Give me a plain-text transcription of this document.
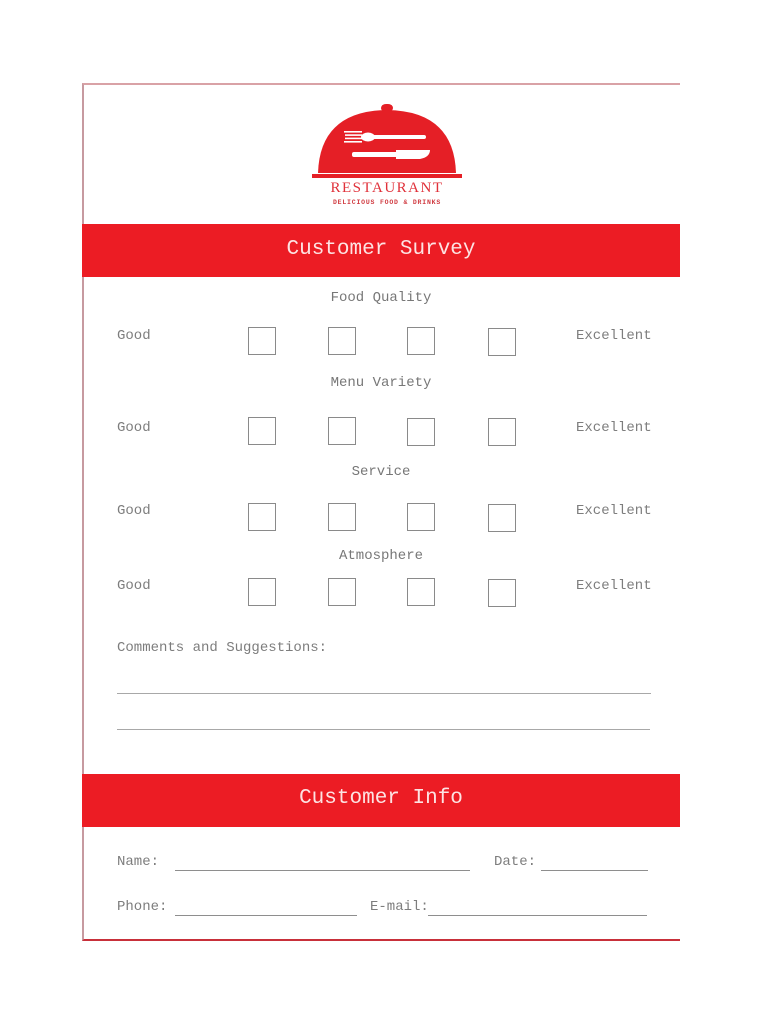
RESTAURANT
DELICIOUS FOOD & DRINKS
Customer Survey
Food Quality
Good	Excellent
Menu Variety
Good	Excellent
Service
Good	Excellent
Atmosphere
Good	Excellent
Comments and Suggestions:
Customer Info
Name:	Date:
Phone:	E-mail:
